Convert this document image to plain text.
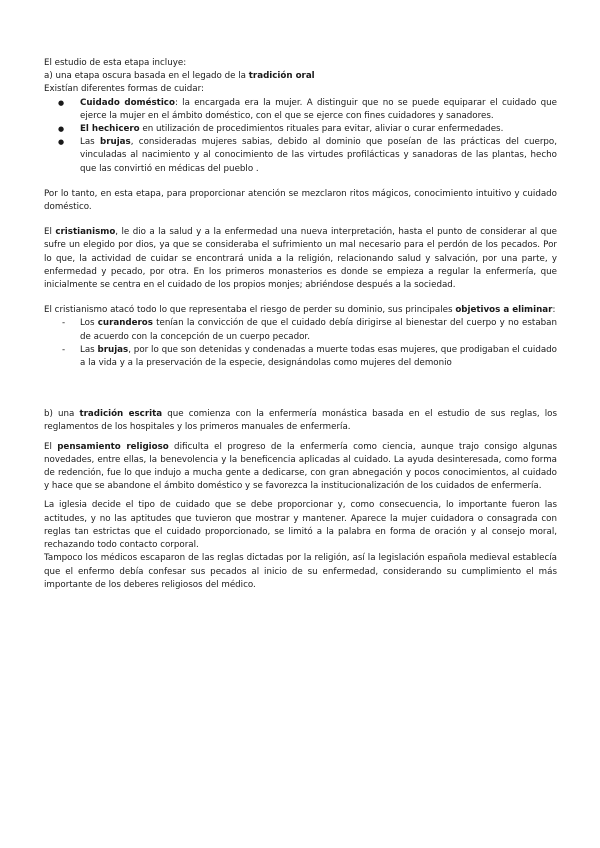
El estudio de esta etapa incluye:

a) una etapa oscura basada en el legado de la tradición oral

Existían diferentes formas de cuidar:

● Cuidado doméstico: la encargada era la mujer. A distinguir que no se puede equiparar el cuidado que ejerce la mujer en el ámbito doméstico, con el que se ejerce con fines cuidadores y sanadores.
● El hechicero en utilización de procedimientos rituales para evitar, aliviar o curar enfermedades.
● Las brujas, consideradas mujeres sabias, debido al dominio que poseían de las prácticas del cuerpo, vinculadas al nacimiento y al conocimiento de las virtudes profilácticas y sanadoras de las plantas, hecho que las convirtió en médicas del pueblo .

Por lo tanto, en esta etapa, para proporcionar atención se mezclaron ritos mágicos, conocimiento intuitivo y cuidado doméstico.

El cristianismo, le dio a la salud y a la enfermedad una nueva interpretación, hasta el punto de considerar al que sufre un elegido por dios, ya que se consideraba el sufrimiento un mal necesario para el perdón de los pecados. Por lo que, la actividad de cuidar se encontrará unida a la religión, relacionando salud y salvación, por una parte, y enfermedad y pecado, por otra. En los primeros monasterios es donde se empieza a regular la enfermería, que inicialmente se centra en el cuidado de los propios monjes; abriéndose después a la sociedad.

El cristianismo atacó todo lo que representaba el riesgo de perder su dominio, sus principales objetivos a eliminar:

- Los curanderos tenían la convicción de que el cuidado debía dirigirse al bienestar del cuerpo y no estaban de acuerdo con la concepción de un cuerpo pecador.
- Las brujas, por lo que son detenidas y condenadas a muerte todas esas mujeres, que prodigaban el cuidado a la vida y a la preservación de la especie, designándolas como mujeres del demonio

b) una tradición escrita que comienza con la enfermería monástica basada en el estudio de sus reglas, los reglamentos de los hospitales y los primeros manuales de enfermería.

El pensamiento religioso dificulta el progreso de la enfermería como ciencia, aunque trajo consigo algunas novedades, entre ellas, la benevolencia y la beneficencia aplicadas al cuidado. La ayuda desinteresada, como forma de redención, fue lo que indujo a mucha gente a dedicarse, con gran abnegación y pocos conocimientos, al cuidado y hace que se abandone el ámbito doméstico y se favorezca la institucionalización de los cuidados de enfermería.

La iglesia decide el tipo de cuidado que se debe proporcionar y, como consecuencia, lo importante fueron las actitudes, y no las aptitudes que tuvieron que mostrar y mantener. Aparece la mujer cuidadora o consagrada con reglas tan estrictas que el cuidado proporcionado, se limitó a la palabra en forma de oración y al consejo moral, rechazando todo contacto corporal.

Tampoco los médicos escaparon de las reglas dictadas por la religión, así la legislación española medieval establecía que el enfermo debía confesar sus pecados al inicio de su enfermedad, considerando su cumplimiento el más importante de los deberes religiosos del médico.
